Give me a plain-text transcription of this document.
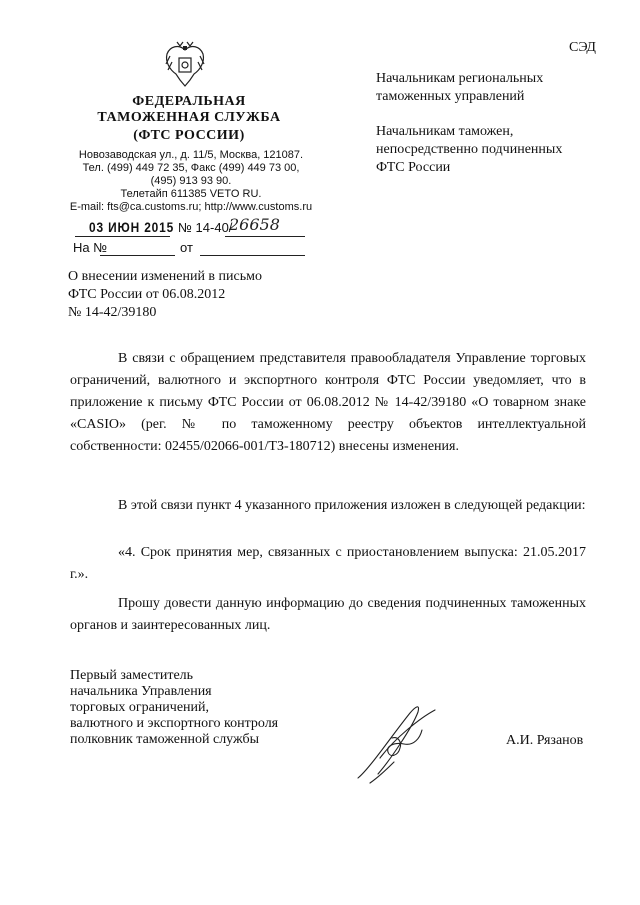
ФЕДЕРАЛЬНАЯ
ТАМОЖЕННАЯ СЛУЖБА
(ФТС РОССИИ)
Новозаводская ул., д. 11/5, Москва, 121087.
Тел. (499) 449 72 35, Факс (499) 449 73 00,
(495) 913 93 90.
Телетайп 611385 VETO RU.
E-mail: fts@ca.customs.ru; http://www.customs.ru
СЭД
03 ИЮН 2015 № 14-40/
26658
На №	от
Начальникам региональных
таможенных управлений
Начальникам таможен,
непосредственно подчиненных
ФТС России
О внесении изменений в письмо
ФТС России от 06.08.2012
№ 14-42/39180
В связи с обращением представителя правообладателя Управление торговых ограничений, валютного и экспортного контроля ФТС России уведомляет, что в приложение к письму ФТС России от 06.08.2012 № 14-42/39180 «О товарном знаке «CASIO» (рег. № по таможенному реестру объектов интеллектуальной собственности: 02455/02066-001/ТЗ-180712) внесены изменения.
В этой связи пункт 4 указанного приложения изложен в следующей редакции:
«4. Срок принятия мер, связанных с приостановлением выпуска: 21.05.2017 г.».
Прошу довести данную информацию до сведения подчиненных таможенных органов и заинтересованных лиц.
Первый заместитель
начальника Управления
торговых ограничений,
валютного и экспортного контроля
полковник таможенной службы	А.И. Рязанов
